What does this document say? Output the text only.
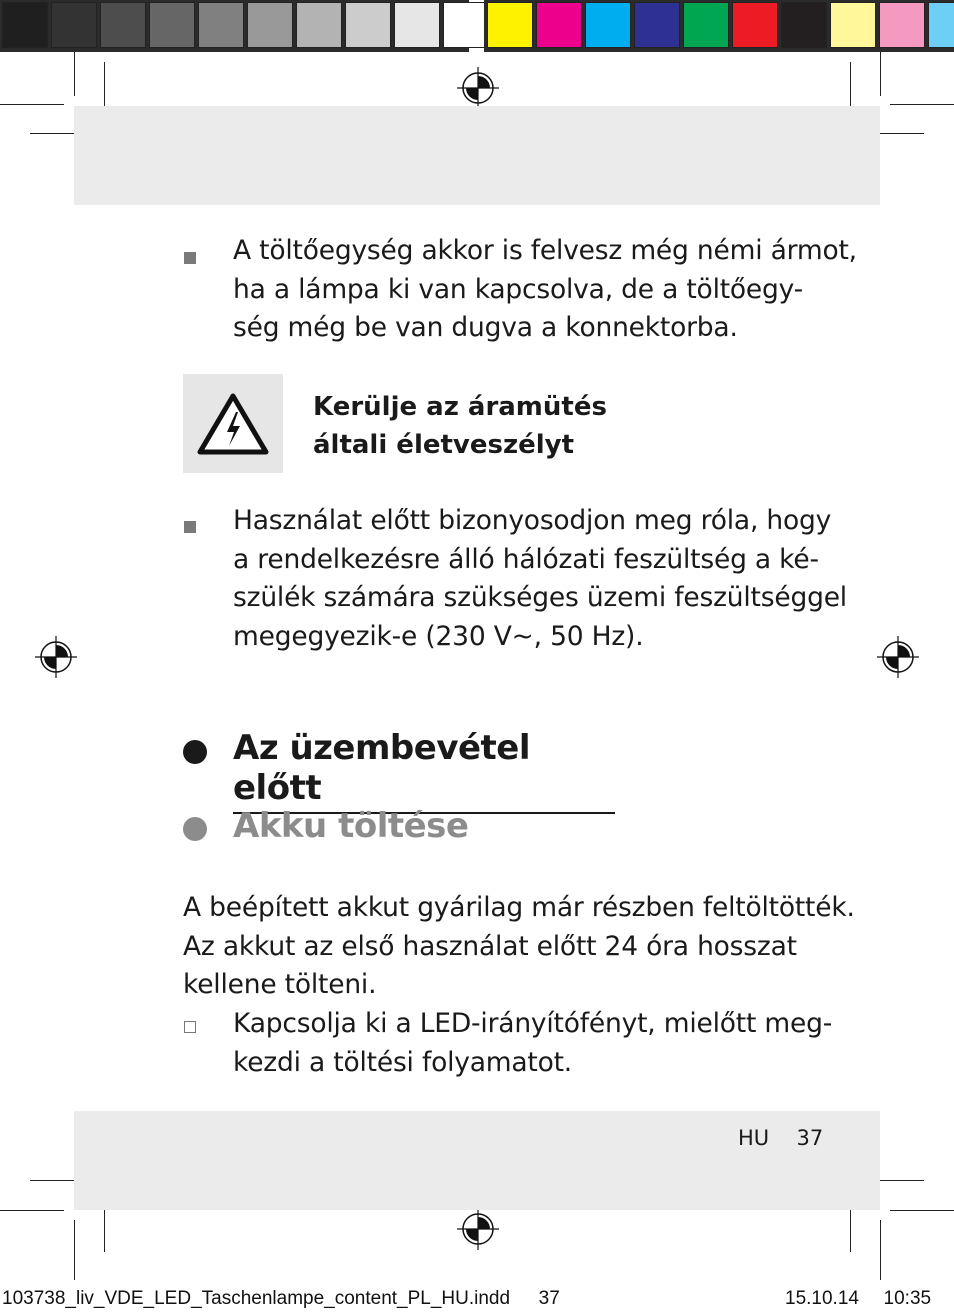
A töltőegység akkor is felvesz még némi ármot,
ha a lámpa ki van kapcsolva, de a töltőegy-
ség még be van dugva a konnektorba.
Kerülje az áramütés
általi életveszélyt
Használat előtt bizonyosodjon meg róla, hogy
a rendelkezésre álló hálózati feszültség a ké-
szülék számára szükséges üzemi feszültséggel
megegyezik-e (230 V~, 50 Hz).
Az üzembevétel előtt
Akku töltése
A beépített akkut gyárilag már részben feltöltötték.
Az akkut az első használat előtt 24 óra hosszat
kellene tölteni.
Kapcsolja ki a LED-irányítófényt, mielőtt meg-
kezdi a töltési folyamatot.
HU 37
103738_liv_VDE_LED_Taschenlampe_content_PL_HU.indd 37	15.10.14 10:35
